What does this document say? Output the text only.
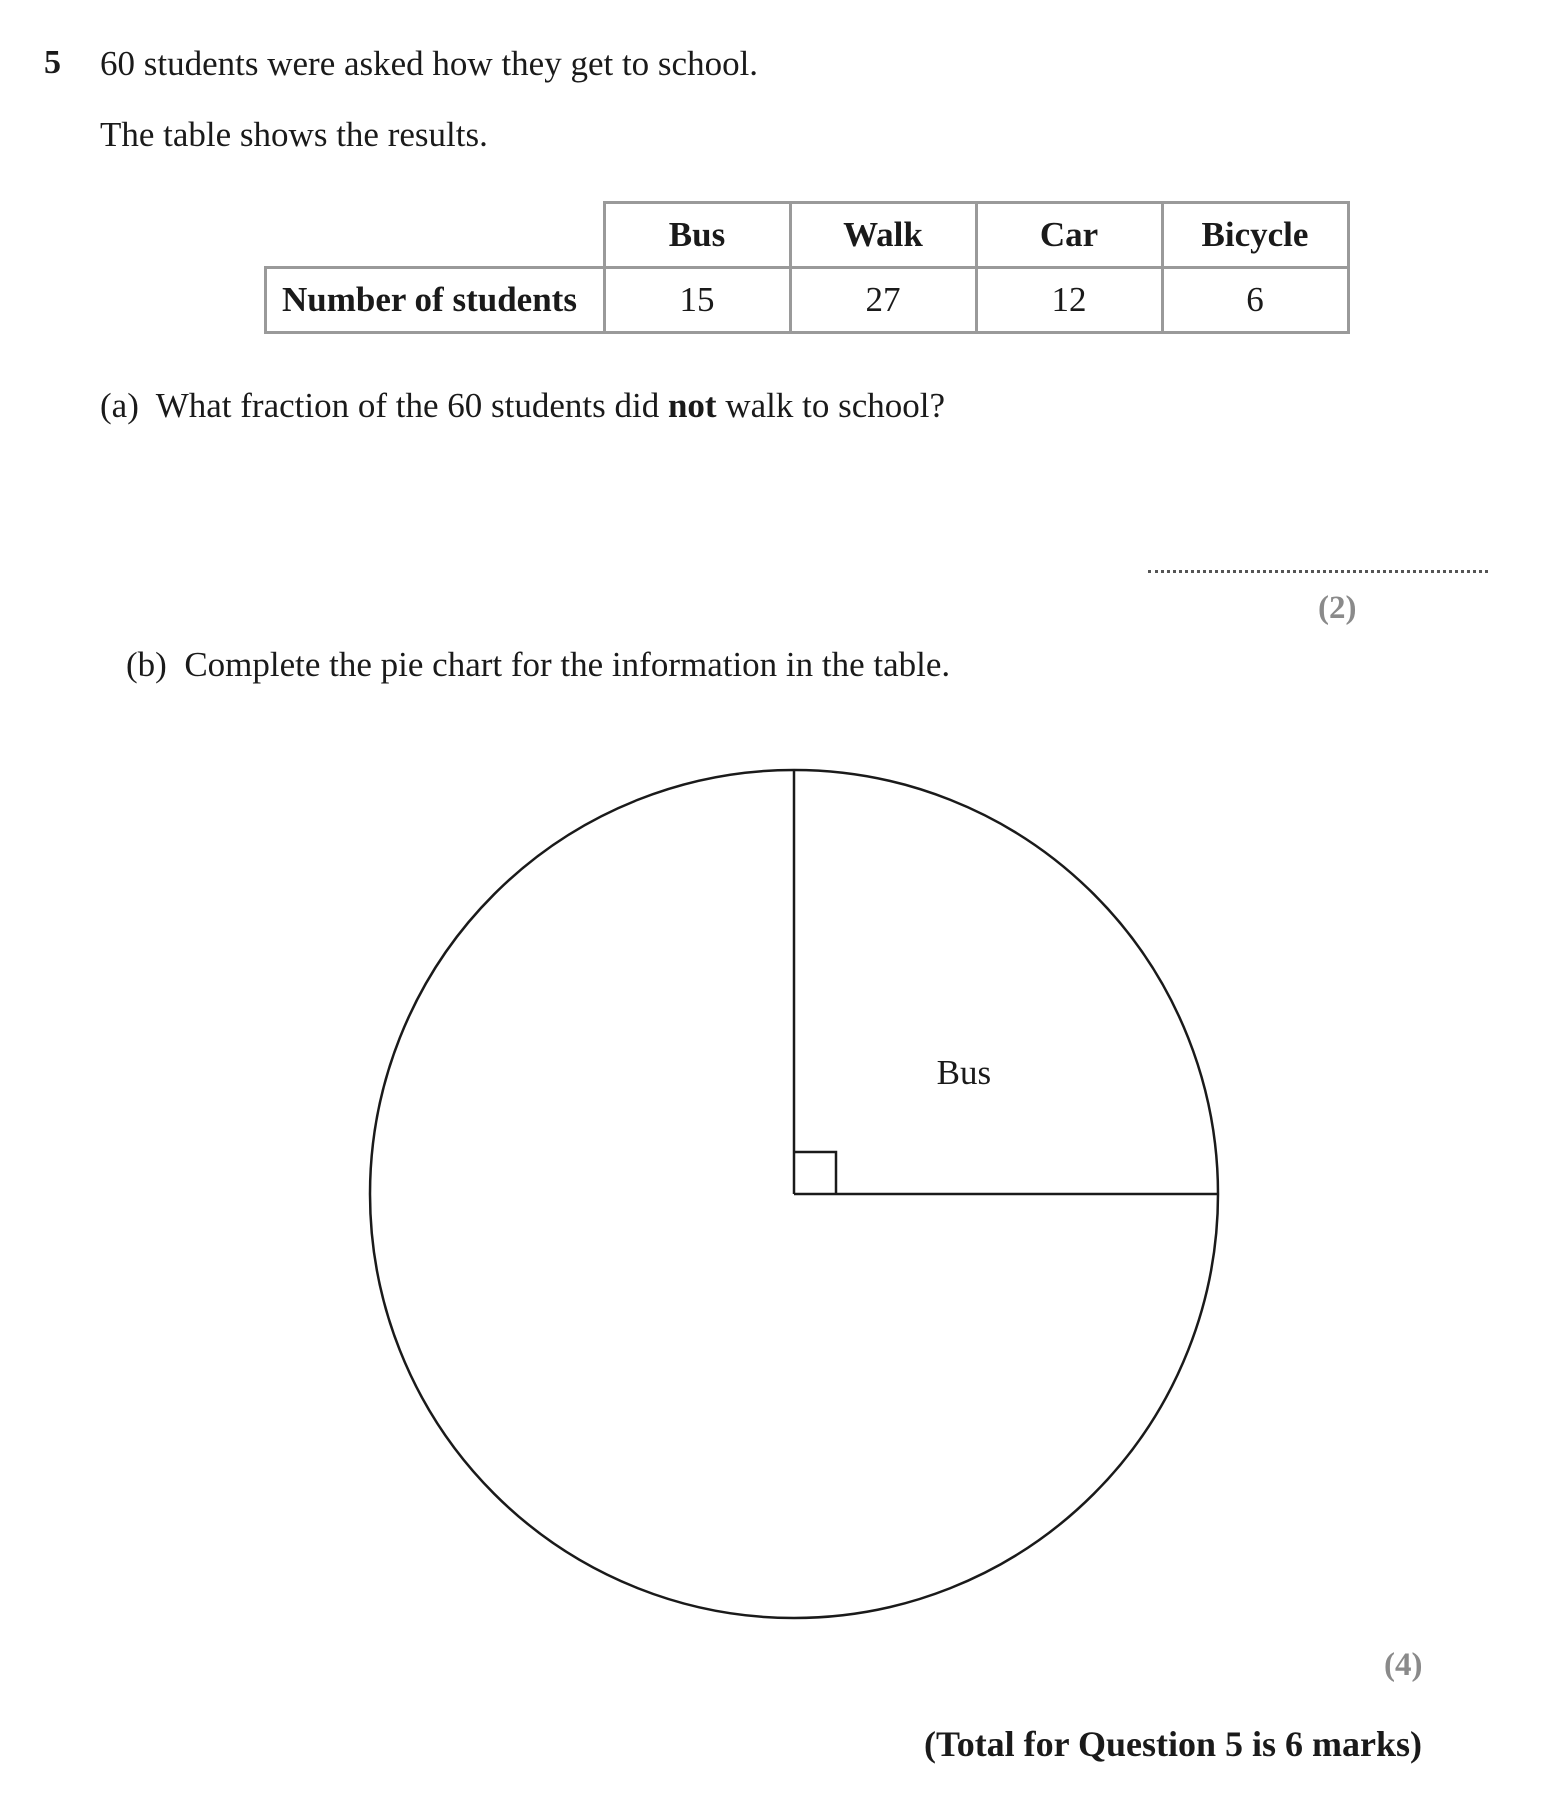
5 60 students were asked how they get to school.
The table shows the results.
	Bus	Walk	Car	Bicycle
Number of students	15	27	12	6
(a) What fraction of the 60 students did not walk to school?
(2)
(b) Complete the pie chart for the information in the table.
Bus
(4)
(Total for Question 5 is 6 marks)
